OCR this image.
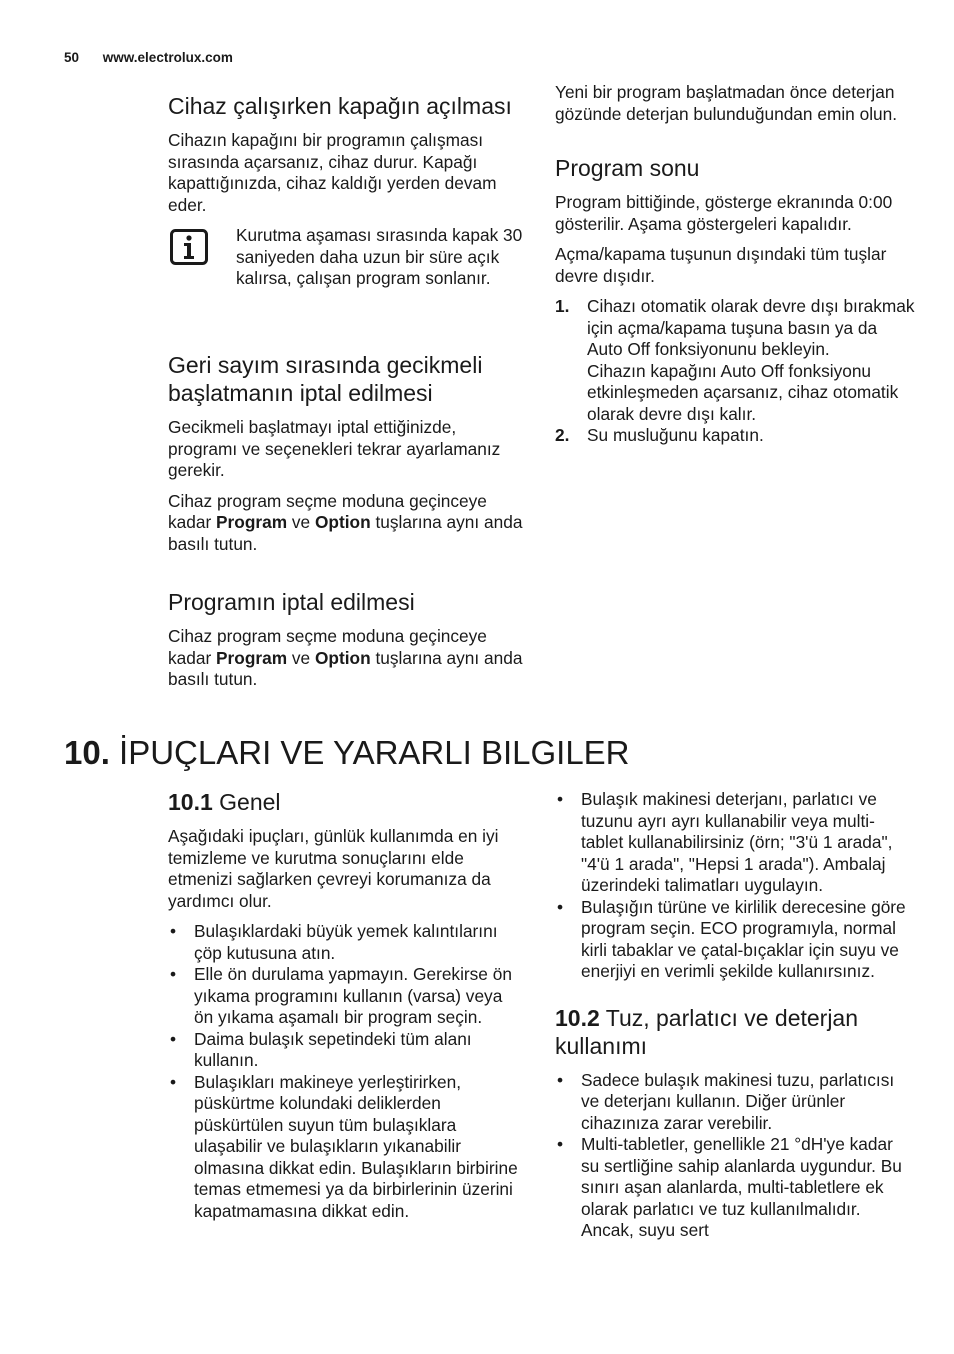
50 www.electrolux.com
Cihaz çalışırken kapağın açılması

Cihazın kapağını bir programın çalışması sırasında açarsanız, cihaz durur. Kapağı kapattığınızda, cihaz kaldığı yerden devam eder.

Kurutma aşaması sırasında kapak 30 saniyeden daha uzun bir süre açık kalırsa, çalışan program sonlanır.
Geri sayım sırasında gecikmeli başlatmanın iptal edilmesi

Gecikmeli başlatmayı iptal ettiğinizde, programı ve seçenekleri tekrar ayarlamanız gerekir.

Cihaz program seçme moduna geçinceye kadar Program ve Option tuşlarına aynı anda basılı tutun.

Programın iptal edilmesi

Cihaz program seçme moduna geçinceye kadar Program ve Option tuşlarına aynı anda basılı tutun.

Yeni bir program başlatmadan önce deterjan gözünde deterjan bulunduğundan emin olun.

Program sonu

Program bittiğinde, gösterge ekranında 0:00 gösterilir. Aşama göstergeleri kapalıdır.

Açma/kapama tuşunun dışındaki tüm tuşlar devre dışıdır.

1. Cihazı otomatik olarak devre dışı bırakmak için açma/kapama tuşuna basın ya da Auto Off fonksiyonunu bekleyin.
Cihazın kapağını Auto Off fonksiyonu etkinleşmeden açarsanız, cihaz otomatik olarak devre dışı kalır.
2. Su musluğunu kapatın.
10. İPUÇLARI VE YARARLI BILGILER
10.1 Genel

Aşağıdaki ipuçları, günlük kullanımda en iyi temizleme ve kurutma sonuçlarını elde etmenizi sağlarken çevreyi korumanıza da yardımcı olur.

• Bulaşıklardaki büyük yemek kalıntılarını çöp kutusuna atın.
• Elle ön durulama yapmayın. Gerekirse ön yıkama programını kullanın (varsa) veya ön yıkama aşamalı bir program seçin.
• Daima bulaşık sepetindeki tüm alanı kullanın.
• Bulaşıkları makineye yerleştirirken, püskürtme kolundaki deliklerden püskürtülen suyun tüm bulaşıklara ulaşabilir ve bulaşıkların yıkanabilir olmasına dikkat edin. Bulaşıkların birbirine temas etmemesi ya da birbirlerinin üzerini kapatmamasına dikkat edin.
• Bulaşık makinesi deterjanı, parlatıcı ve tuzunu ayrı ayrı kullanabilir veya multi-tablet kullanabilirsiniz (örn; "3'ü 1 arada", "4'ü 1 arada", "Hepsi 1 arada"). Ambalaj üzerindeki talimatları uygulayın.
• Bulaşığın türüne ve kirlilik derecesine göre program seçin. ECO programıyla, normal kirli tabaklar ve çatal-bıçaklar için suyu ve enerjiyi en verimli şekilde kullanırsınız.
10.2 Tuz, parlatıcı ve deterjan kullanımı
• Sadece bulaşık makinesi tuzu, parlatıcısı ve deterjanı kullanın. Diğer ürünler cihazınıza zarar verebilir.
• Multi-tabletler, genellikle 21 °dH'ye kadar su sertliğine sahip alanlarda uygundur. Bu sınırı aşan alanlarda, multi-tabletlere ek olarak parlatıcı ve tuz kullanılmalıdır. Ancak, suyu sert
